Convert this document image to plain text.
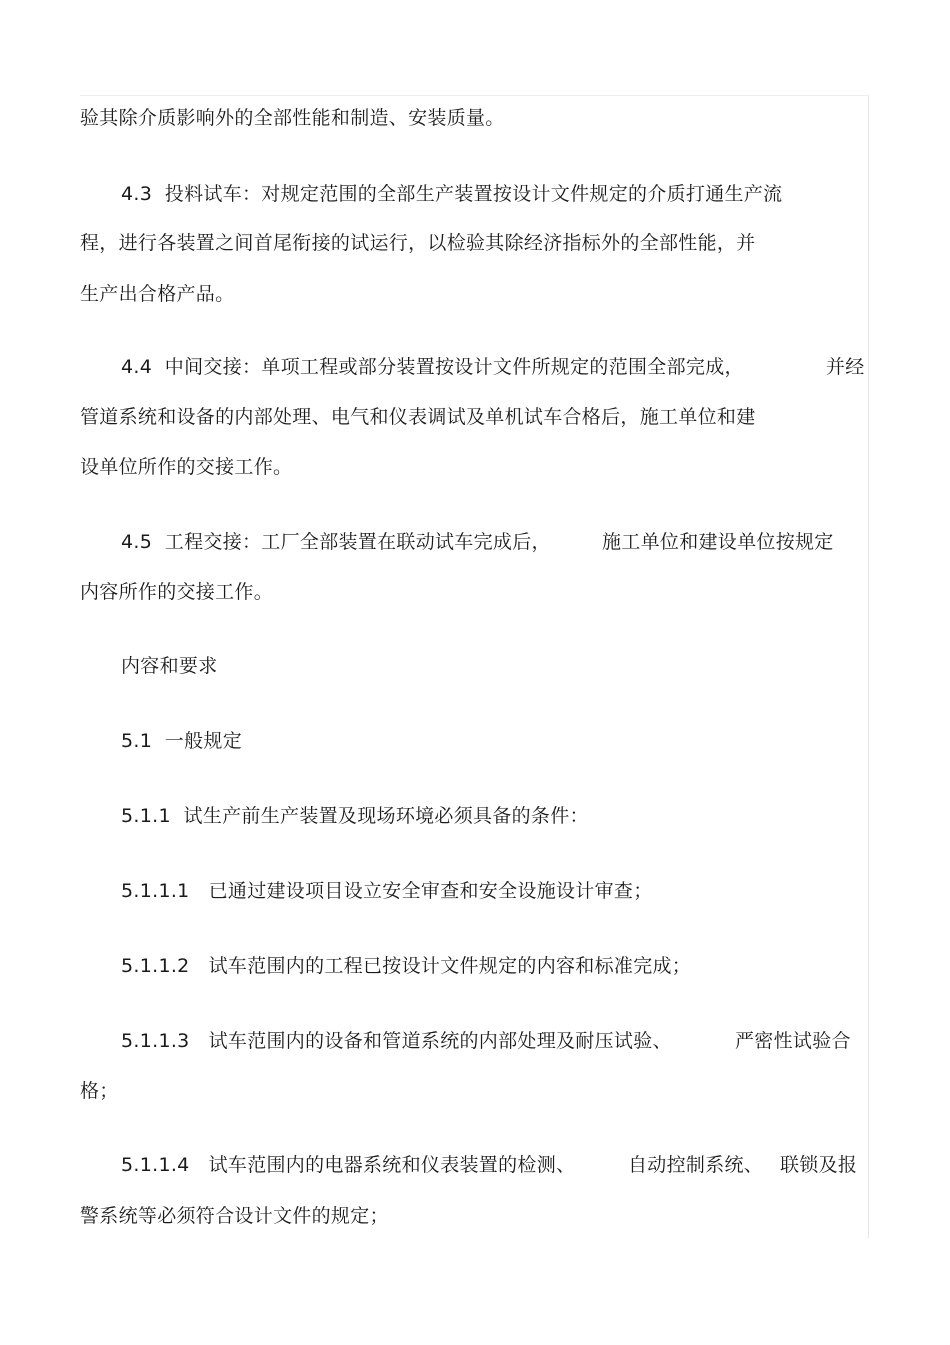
验其除介质影响外的全部性能和制造、安装质量。
4.3  投料试车：对规定范围的全部生产装置按设计文件规定的介质打通生产流
程，进行各装置之间首尾衔接的试运行，以检验其除经济指标外的全部性能，并
生产出合格产品。
4.4  中间交接：单项工程或部分装置按设计文件所规定的范围全部完成，	并经
管道系统和设备的内部处理、电气和仪表调试及单机试车合格后，施工单位和建
设单位所作的交接工作。
4.5  工程交接：工厂全部装置在联动试车完成后，	施工单位和建设单位按规定
内容所作的交接工作。
内容和要求
5.1  一般规定
5.1.1  试生产前生产装置及现场环境必须具备的条件：
5.1.1.1   已通过建设项目设立安全审查和安全设施设计审查；
5.1.1.2   试车范围内的工程已按设计文件规定的内容和标准完成；
5.1.1.3   试车范围内的设备和管道系统的内部处理及耐压试验、	严密性试验合
格；
5.1.1.4   试车范围内的电器系统和仪表装置的检测、	自动控制系统、 联锁及报
警系统等必须符合设计文件的规定；
